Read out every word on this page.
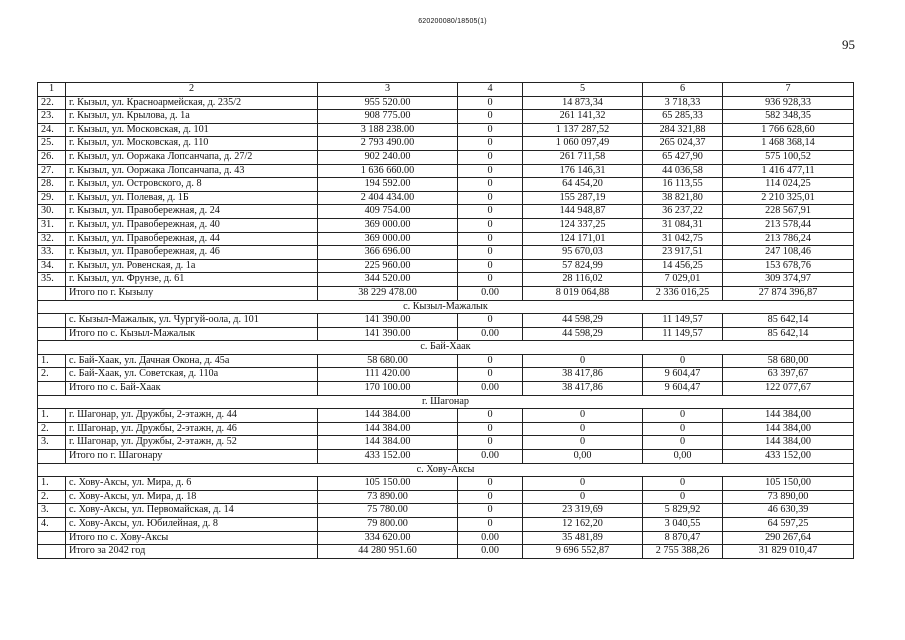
620200080/18505(1)
95
1	2	3	4	5	6	7
22.	г. Кызыл, ул. Красноармейская, д. 235/2	955 520.00	0	14 873,34	3 718,33	936 928,33
23.	г. Кызыл, ул. Крылова, д. 1а	908 775.00	0	261 141,32	65 285,33	582 348,35
24.	г. Кызыл, ул. Московская, д. 101	3 188 238.00	0	1 137 287,52	284 321,88	1 766 628,60
25.	г. Кызыл, ул. Московская, д. 110	2 793 490.00	0	1 060 097,49	265 024,37	1 468 368,14
26.	г. Кызыл, ул. Ооржака Лопсанчапа, д. 27/2	902 240.00	0	261 711,58	65 427,90	575 100,52
27.	г. Кызыл, ул. Ооржака Лопсанчапа, д. 43	1 636 660.00	0	176 146,31	44 036,58	1 416 477,11
28.	г. Кызыл, ул. Островского, д. 8	194 592.00	0	64 454,20	16 113,55	114 024,25
29.	г. Кызыл, ул. Полевая, д. 1Б	2 404 434.00	0	155 287,19	38 821,80	2 210 325,01
30.	г. Кызыл, ул. Правобережная, д. 24	409 754.00	0	144 948,87	36 237,22	228 567,91
31.	г. Кызыл, ул. Правобережная, д. 40	369 000.00	0	124 337,25	31 084,31	213 578,44
32.	г. Кызыл, ул. Правобережная, д. 44	369 000.00	0	124 171,01	31 042,75	213 786,24
33.	г. Кызыл, ул. Правобережная, д. 46	366 696.00	0	95 670,03	23 917,51	247 108,46
34.	г. Кызыл, ул. Ровенская, д. 1а	225 960.00	0	57 824,99	14 456,25	153 678,76
35.	г. Кызыл, ул. Фрунзе, д. 61	344 520.00	0	28 116,02	7 029,01	309 374,97
	Итого по г. Кызылу	38 229 478.00	0.00	8 019 064,88	2 336 016,25	27 874 396,87
с. Кызыл-Мажалык						
	с. Кызыл-Мажалык, ул. Чургуй-оола, д. 101	141 390.00	0	44 598,29	11 149,57	85 642,14
	Итого по с. Кызыл-Мажалык	141 390.00	0.00	44 598,29	11 149,57	85 642,14
с. Бай-Хаак						
1.	с. Бай-Хаак, ул. Дачная Окона, д. 45а	58 680.00	0	0	0	58 680,00
2.	с. Бай-Хаак, ул. Советская, д. 110а	111 420.00	0	38 417,86	9 604,47	63 397,67
	Итого по с. Бай-Хаак	170 100.00	0.00	38 417,86	9 604,47	122 077,67
г. Шагонар						
1.	г. Шагонар, ул. Дружбы, 2-этажн, д. 44	144 384.00	0	0	0	144 384,00
2.	г. Шагонар, ул. Дружбы, 2-этажн, д. 46	144 384.00	0	0	0	144 384,00
3.	г. Шагонар, ул. Дружбы, 2-этажн, д. 52	144 384.00	0	0	0	144 384,00
	Итого по г. Шагонару	433 152.00	0.00	0,00	0,00	433 152,00
с. Хову-Аксы						
1.	с. Хову-Аксы, ул. Мира, д. 6	105 150.00	0	0	0	105 150,00
2.	с. Хову-Аксы, ул. Мира, д. 18	73 890.00	0	0	0	73 890,00
3.	с. Хову-Аксы, ул. Первомайская, д. 14	75 780.00	0	23 319,69	5 829,92	46 630,39
4.	с. Хову-Аксы, ул. Юбилейная, д. 8	79 800.00	0	12 162,20	3 040,55	64 597,25
	Итого по с. Хову-Аксы	334 620.00	0.00	35 481,89	8 870,47	290 267,64
	Итого за 2042 год	44 280 951.60	0.00	9 696 552,87	2 755 388,26	31 829 010,47
